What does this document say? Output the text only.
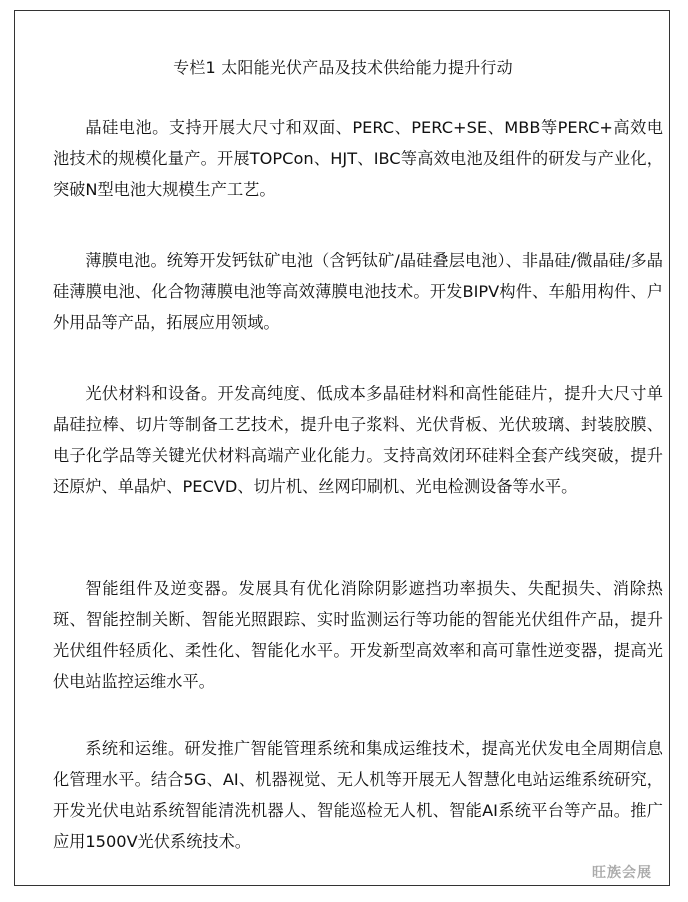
专栏1 太阳能光伏产品及技术供给能力提升行动

晶硅电池。支持开展大尺寸和双面、PERC、PERC+SE、MBB等PERC+高效电池技术的规模化量产。开展TOPCon、HJT、IBC等高效电池及组件的研发与产业化，突破N型电池大规模生产工艺。

薄膜电池。统筹开发钙钛矿电池（含钙钛矿/晶硅叠层电池）、非晶硅/微晶硅/多晶硅薄膜电池、化合物薄膜电池等高效薄膜电池技术。开发BIPV构件、车船用构件、户外用品等产品，拓展应用领域。

光伏材料和设备。开发高纯度、低成本多晶硅材料和高性能硅片，提升大尺寸单晶硅拉棒、切片等制备工艺技术，提升电子浆料、光伏背板、光伏玻璃、封装胶膜、电子化学品等关键光伏材料高端产业化能力。支持高效闭环硅料全套产线突破，提升还原炉、单晶炉、PECVD、切片机、丝网印刷机、光电检测设备等水平。

智能组件及逆变器。发展具有优化消除阴影遮挡功率损失、失配损失、消除热斑、智能控制关断、智能光照跟踪、实时监测运行等功能的智能光伏组件产品，提升光伏组件轻质化、柔性化、智能化水平。开发新型高效率和高可靠性逆变器，提高光伏电站监控运维水平。

系统和运维。研发推广智能管理系统和集成运维技术，提高光伏发电全周期信息化管理水平。结合5G、AI、机器视觉、无人机等开展无人智慧化电站运维系统研究，开发光伏电站系统智能清洗机器人、智能巡检无人机、智能AI系统平台等产品。推广应用1500V光伏系统技术。

旺族会展
